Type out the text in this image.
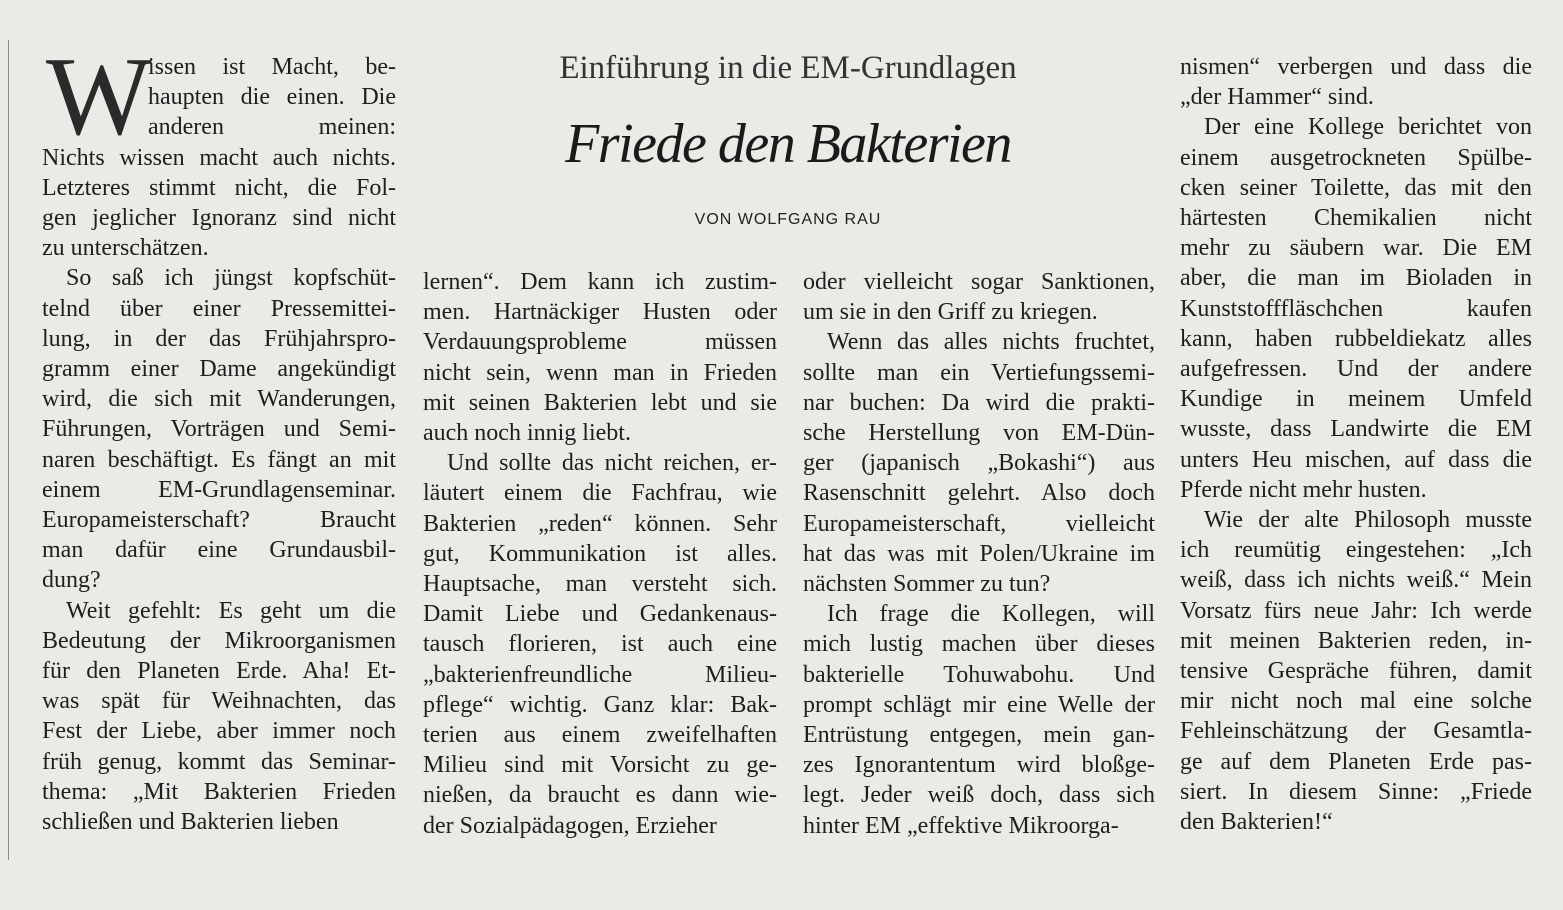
Einführung in die EM-Grundlagen
Friede den Bakterien
VON WOLFGANG RAU
W
issen ist Macht, be-
haupten die einen. Die
anderen meinen:
Nichts wissen macht auch nichts.
Letzteres stimmt nicht, die Fol-
gen jeglicher Ignoranz sind nicht
zu unterschätzen.
So saß ich jüngst kopfschüt-
telnd über einer Pressemittei-
lung, in der das Frühjahrspro-
gramm einer Dame angekündigt
wird, die sich mit Wanderungen,
Führungen, Vorträgen und Semi-
naren beschäftigt. Es fängt an mit
einem EM-Grundlagenseminar.
Europameisterschaft? Braucht
man dafür eine Grundausbil-
dung?
Weit gefehlt: Es geht um die
Bedeutung der Mikroorganismen
für den Planeten Erde. Aha! Et-
was spät für Weihnachten, das
Fest der Liebe, aber immer noch
früh genug, kommt das Seminar-
thema: „Mit Bakterien Frieden
schließen und Bakterien lieben
lernen“. Dem kann ich zustim-
men. Hartnäckiger Husten oder
Verdauungsprobleme müssen
nicht sein, wenn man in Frieden
mit seinen Bakterien lebt und sie
auch noch innig liebt.
Und sollte das nicht reichen, er-
läutert einem die Fachfrau, wie
Bakterien „reden“ können. Sehr
gut, Kommunikation ist alles.
Hauptsache, man versteht sich.
Damit Liebe und Gedankenaus-
tausch florieren, ist auch eine
„bakterienfreundliche Milieu-
pflege“ wichtig. Ganz klar: Bak-
terien aus einem zweifelhaften
Milieu sind mit Vorsicht zu ge-
nießen, da braucht es dann wie-
der Sozialpädagogen, Erzieher
oder vielleicht sogar Sanktionen,
um sie in den Griff zu kriegen.
Wenn das alles nichts fruchtet,
sollte man ein Vertiefungssemi-
nar buchen: Da wird die prakti-
sche Herstellung von EM-Dün-
ger (japanisch „Bokashi“) aus
Rasenschnitt gelehrt. Also doch
Europameisterschaft, vielleicht
hat das was mit Polen/Ukraine im
nächsten Sommer zu tun?
Ich frage die Kollegen, will
mich lustig machen über dieses
bakterielle Tohuwabohu. Und
prompt schlägt mir eine Welle der
Entrüstung entgegen, mein gan-
zes Ignorantentum wird bloßge-
legt. Jeder weiß doch, dass sich
hinter EM „effektive Mikroorga-
nismen“ verbergen und dass die
„der Hammer“ sind.
Der eine Kollege berichtet von
einem ausgetrockneten Spülbe-
cken seiner Toilette, das mit den
härtesten Chemikalien nicht
mehr zu säubern war. Die EM
aber, die man im Bioladen in
Kunststofffläschchen kaufen
kann, haben rubbeldiekatz alles
aufgefressen. Und der andere
Kundige in meinem Umfeld
wusste, dass Landwirte die EM
unters Heu mischen, auf dass die
Pferde nicht mehr husten.
Wie der alte Philosoph musste
ich reumütig eingestehen: „Ich
weiß, dass ich nichts weiß.“ Mein
Vorsatz fürs neue Jahr: Ich werde
mit meinen Bakterien reden, in-
tensive Gespräche führen, damit
mir nicht noch mal eine solche
Fehleinschätzung der Gesamtla-
ge auf dem Planeten Erde pas-
siert. In diesem Sinne: „Friede
den Bakterien!“
